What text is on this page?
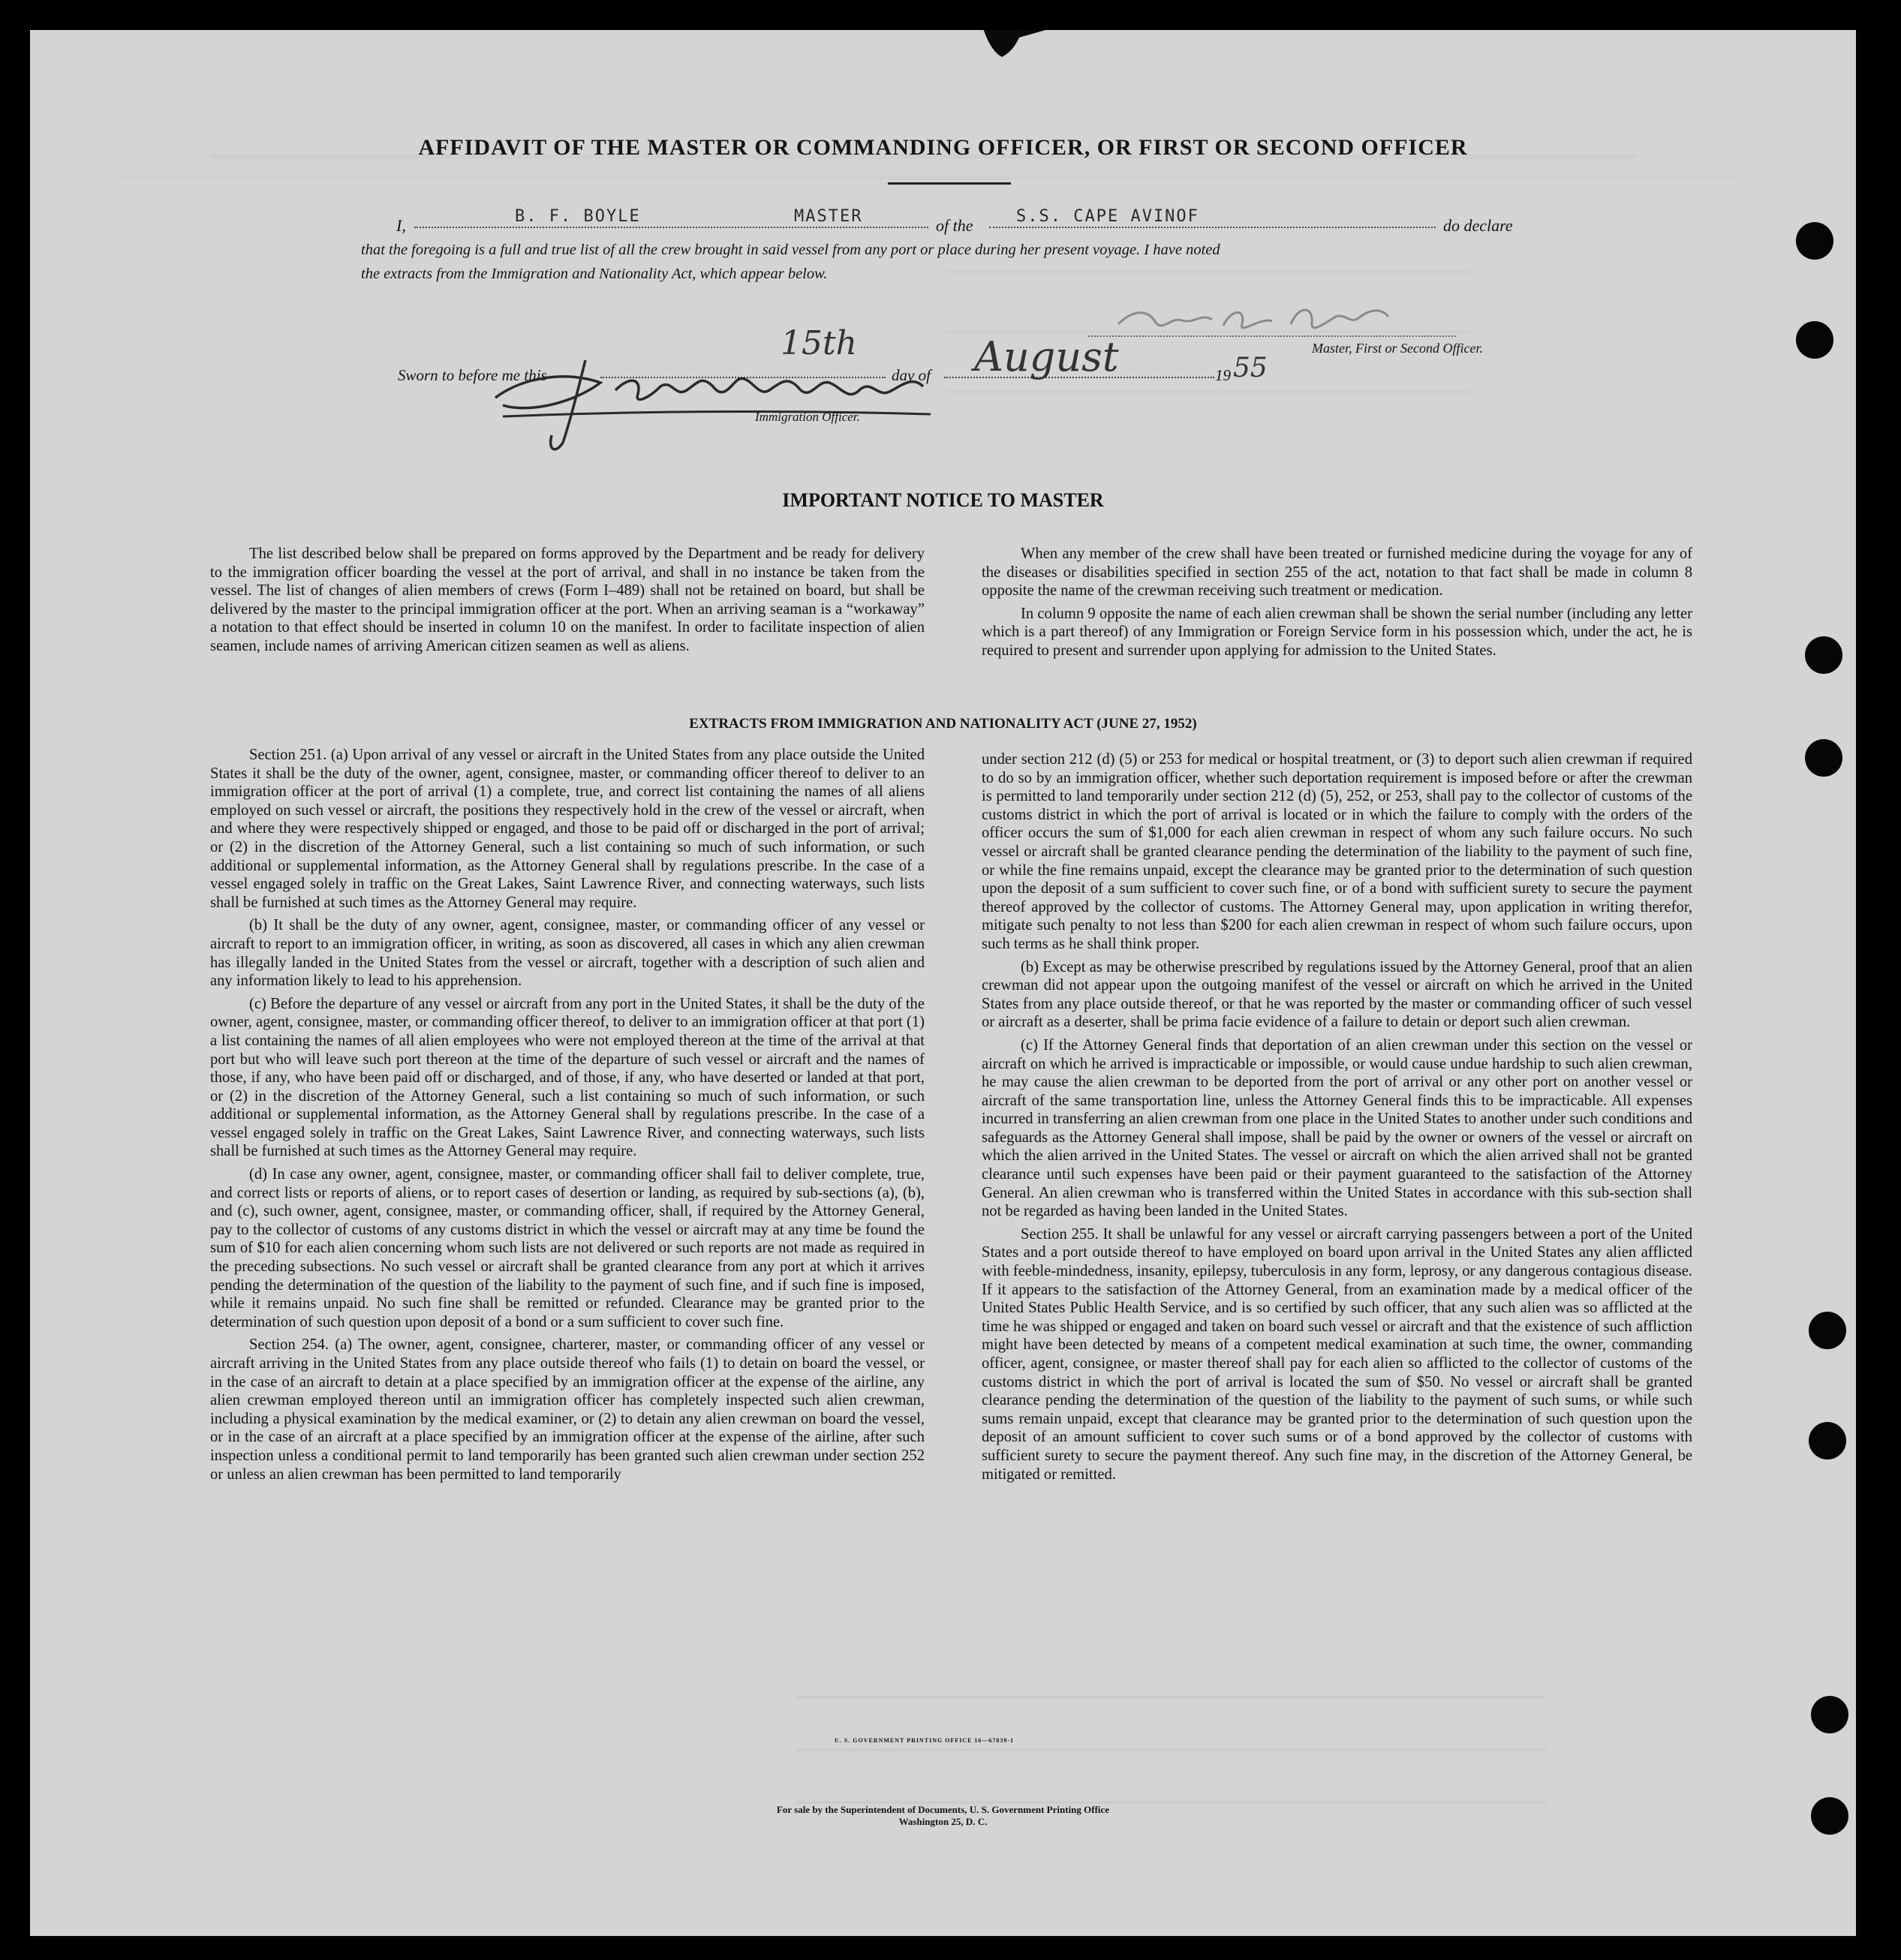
AFFIDAVIT OF THE MASTER OR COMMANDING OFFICER, OR FIRST OR SECOND OFFICER
I,	B. F. BOYLE	MASTER	of the	S.S. CAPE AVINOF	do declare
that the foregoing is a full and true list of all the crew brought in said vessel from any port or place during her present voyage. I have noted
the extracts from the Immigration and Nationality Act, which appear below.
Master, First or Second Officer.
Sworn to before me this
15th
day of August	19 55
Immigration Officer.
IMPORTANT NOTICE TO MASTER

The list described below shall be prepared on forms approved by the Department and be ready for delivery to the immigration officer boarding the vessel at the port of arrival, and shall in no instance be taken from the vessel. The list of changes of alien members of crews (Form I–489) shall not be retained on board, but shall be delivered by the master to the principal immigration officer at the port. When an arriving seaman is a “workaway” a notation to that effect should be inserted in column 10 on the manifest. In order to facilitate inspection of alien seamen, include names of arriving American citizen seamen as well as aliens.

When any member of the crew shall have been treated or furnished medicine during the voyage for any of the diseases or disabilities specified in section 255 of the act, notation to that fact shall be made in column 8 opposite the name of the crewman receiving such treatment or medication.

In column 9 opposite the name of each alien crewman shall be shown the serial number (including any letter which is a part thereof) of any Immigration or Foreign Service form in his possession which, under the act, he is required to present and surrender upon applying for admission to the United States.

EXTRACTS FROM IMMIGRATION AND NATIONALITY ACT (JUNE 27, 1952)

Section 251. (a) Upon arrival of any vessel or aircraft in the United States from any place outside the United States it shall be the duty of the owner, agent, consignee, master, or commanding officer thereof to deliver to an immigration officer at the port of arrival (1) a complete, true, and correct list containing the names of all aliens employed on such vessel or aircraft, the positions they respectively hold in the crew of the vessel or aircraft, when and where they were respectively shipped or engaged, and those to be paid off or discharged in the port of arrival; or (2) in the discretion of the Attorney General, such a list containing so much of such information, or such additional or supplemental information, as the Attorney General shall by regulations prescribe. In the case of a vessel engaged solely in traffic on the Great Lakes, Saint Lawrence River, and connecting waterways, such lists shall be furnished at such times as the Attorney General may require.

(b) It shall be the duty of any owner, agent, consignee, master, or commanding officer of any vessel or aircraft to report to an immigration officer, in writing, as soon as discovered, all cases in which any alien crewman has illegally landed in the United States from the vessel or aircraft, together with a description of such alien and any information likely to lead to his apprehension.

(c) Before the departure of any vessel or aircraft from any port in the United States, it shall be the duty of the owner, agent, consignee, master, or commanding officer thereof, to deliver to an immigration officer at that port (1) a list containing the names of all alien employees who were not employed thereon at the time of the arrival at that port but who will leave such port thereon at the time of the departure of such vessel or aircraft and the names of those, if any, who have been paid off or discharged, and of those, if any, who have deserted or landed at that port, or (2) in the discretion of the Attorney General, such a list containing so much of such information, or such additional or supplemental information, as the Attorney General shall by regulations prescribe. In the case of a vessel engaged solely in traffic on the Great Lakes, Saint Lawrence River, and connecting waterways, such lists shall be furnished at such times as the Attorney General may require.

(d) In case any owner, agent, consignee, master, or commanding officer shall fail to deliver complete, true, and correct lists or reports of aliens, or to report cases of desertion or landing, as required by sub-sections (a), (b), and (c), such owner, agent, consignee, master, or commanding officer, shall, if required by the Attorney General, pay to the collector of customs of any customs district in which the vessel or aircraft may at any time be found the sum of $10 for each alien concerning whom such lists are not delivered or such reports are not made as required in the preceding subsections. No such vessel or aircraft shall be granted clearance from any port at which it arrives pending the determination of the question of the liability to the payment of such fine, and if such fine is imposed, while it remains unpaid. No such fine shall be remitted or refunded. Clearance may be granted prior to the determination of such question upon deposit of a bond or a sum sufficient to cover such fine.

Section 254. (a) The owner, agent, consignee, charterer, master, or commanding officer of any vessel or aircraft arriving in the United States from any place outside thereof who fails (1) to detain on board the vessel, or in the case of an aircraft to detain at a place specified by an immigration officer at the expense of the airline, any alien crewman employed thereon until an immigration officer has completely inspected such alien crewman, including a physical examination by the medical examiner, or (2) to detain any alien crewman on board the vessel, or in the case of an aircraft at a place specified by an immigration officer at the expense of the airline, after such inspection unless a conditional permit to land temporarily has been granted such alien crewman under section 252 or unless an alien crewman has been permitted to land temporarily

under section 212 (d) (5) or 253 for medical or hospital treatment, or (3) to deport such alien crewman if required to do so by an immigration officer, whether such deportation requirement is imposed before or after the crewman is permitted to land temporarily under section 212 (d) (5), 252, or 253, shall pay to the collector of customs of the customs district in which the port of arrival is located or in which the failure to comply with the orders of the officer occurs the sum of $1,000 for each alien crewman in respect of whom any such failure occurs. No such vessel or aircraft shall be granted clearance pending the determination of the liability to the payment of such fine, or while the fine remains unpaid, except the clearance may be granted prior to the determination of such question upon the deposit of a sum sufficient to cover such fine, or of a bond with sufficient surety to secure the payment thereof approved by the collector of customs. The Attorney General may, upon application in writing therefor, mitigate such penalty to not less than $200 for each alien crewman in respect of whom such failure occurs, upon such terms as he shall think proper.

(b) Except as may be otherwise prescribed by regulations issued by the Attorney General, proof that an alien crewman did not appear upon the outgoing manifest of the vessel or aircraft on which he arrived in the United States from any place outside thereof, or that he was reported by the master or commanding officer of such vessel or aircraft as a deserter, shall be prima facie evidence of a failure to detain or deport such alien crewman.

(c) If the Attorney General finds that deportation of an alien crewman under this section on the vessel or aircraft on which he arrived is impracticable or impossible, or would cause undue hardship to such alien crewman, he may cause the alien crewman to be deported from the port of arrival or any other port on another vessel or aircraft of the same transportation line, unless the Attorney General finds this to be impracticable. All expenses incurred in transferring an alien crewman from one place in the United States to another under such conditions and safeguards as the Attorney General shall impose, shall be paid by the owner or owners of the vessel or aircraft on which the alien arrived in the United States. The vessel or aircraft on which the alien arrived shall not be granted clearance until such expenses have been paid or their payment guaranteed to the satisfaction of the Attorney General. An alien crewman who is transferred within the United States in accordance with this sub-section shall not be regarded as having been landed in the United States.

Section 255. It shall be unlawful for any vessel or aircraft carrying passengers between a port of the United States and a port outside thereof to have employed on board upon arrival in the United States any alien afflicted with feeble-mindedness, insanity, epilepsy, tuberculosis in any form, leprosy, or any dangerous contagious disease. If it appears to the satisfaction of the Attorney General, from an examination made by a medical officer of the United States Public Health Service, and is so certified by such officer, that any such alien was so afflicted at the time he was shipped or engaged and taken on board such vessel or aircraft and that the existence of such affliction might have been detected by means of a competent medical examination at such time, the owner, commanding officer, agent, consignee, or master thereof shall pay for each alien so afflicted to the collector of customs of the customs district in which the port of arrival is located the sum of $50. No vessel or aircraft shall be granted clearance pending the determination of the question of the liability to the payment of such sums, or while such sums remain unpaid, except that clearance may be granted prior to the determination of such question upon the deposit of an amount sufficient to cover such sums or of a bond approved by the collector of customs with sufficient surety to secure the payment thereof. Any such fine may, in the discretion of the Attorney General, be mitigated or remitted.

U. S. GOVERNMENT PRINTING OFFICE 16—67839-1
For sale by the Superintendent of Documents, U. S. Government Printing Office
Washington 25, D. C.
